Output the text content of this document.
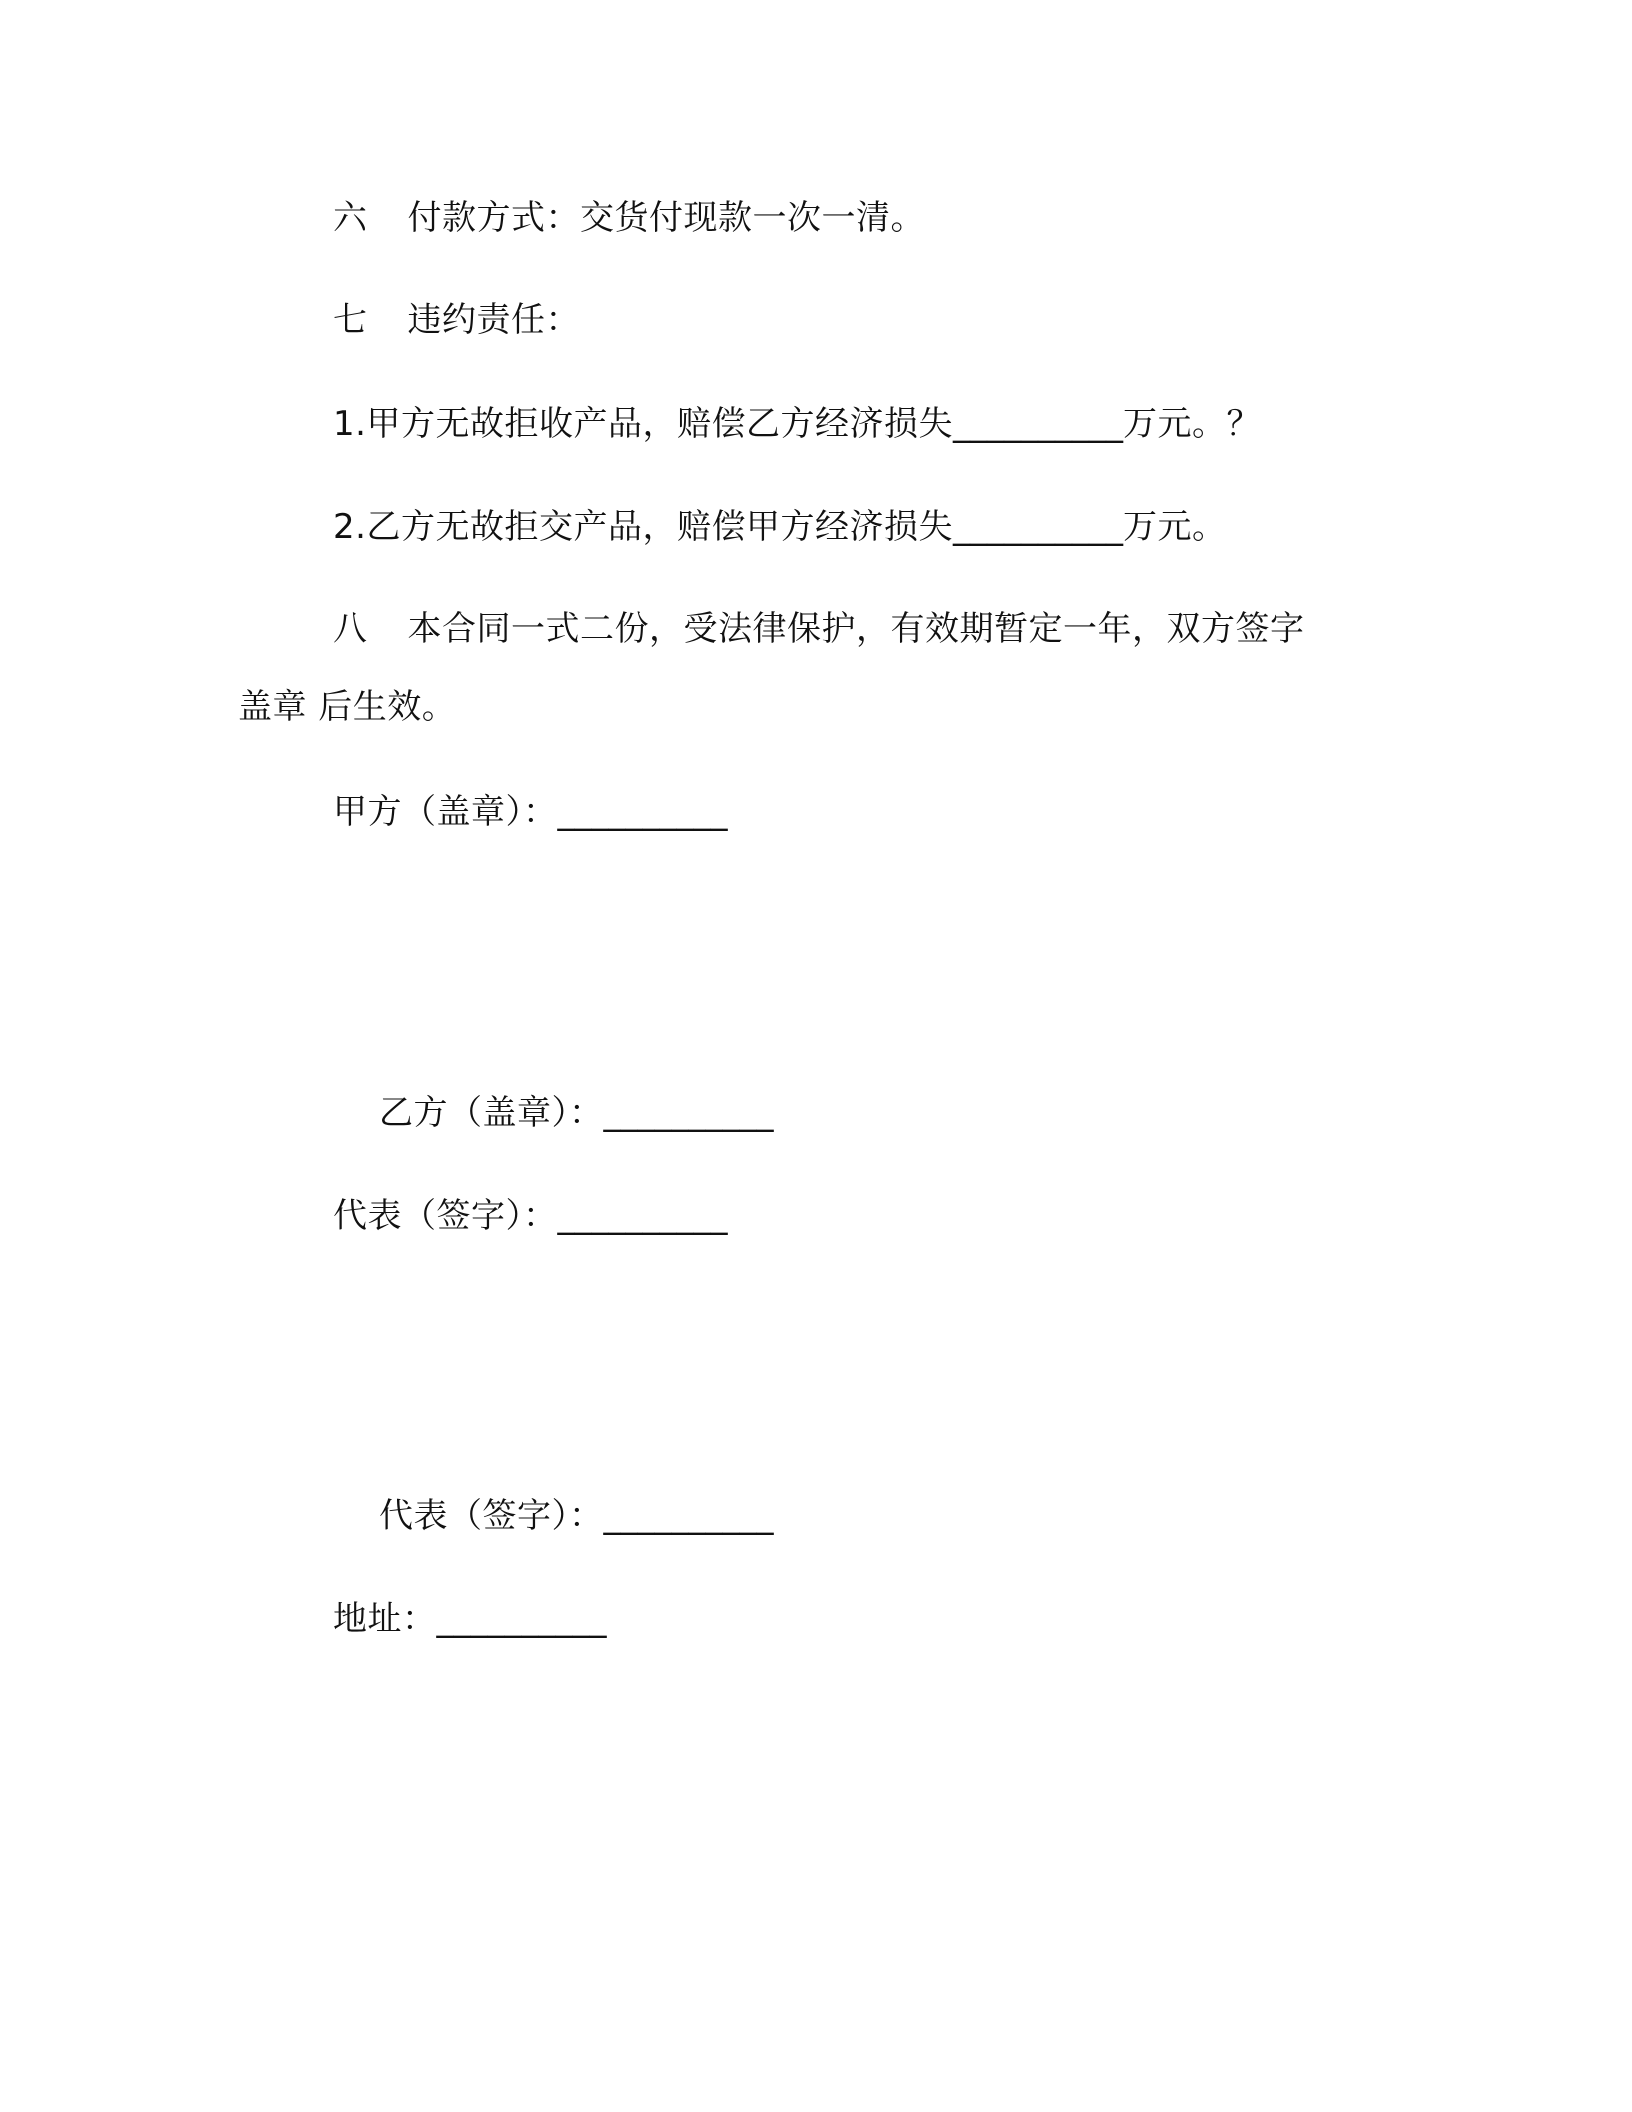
六 付款方式：交货付现款一次一清。
七 违约责任：
1.甲方无故拒收产品，赔偿乙方经济损失__________万元。？
2.乙方无故拒交产品，赔偿甲方经济损失__________万元。
八 本合同一式二份，受法律保护，有效期暂定一年，双方签字
盖章 后生效。
甲方（盖章）：__________
乙方（盖章）：__________
代表（签字）：__________
代表（签字）：__________
地址：__________
